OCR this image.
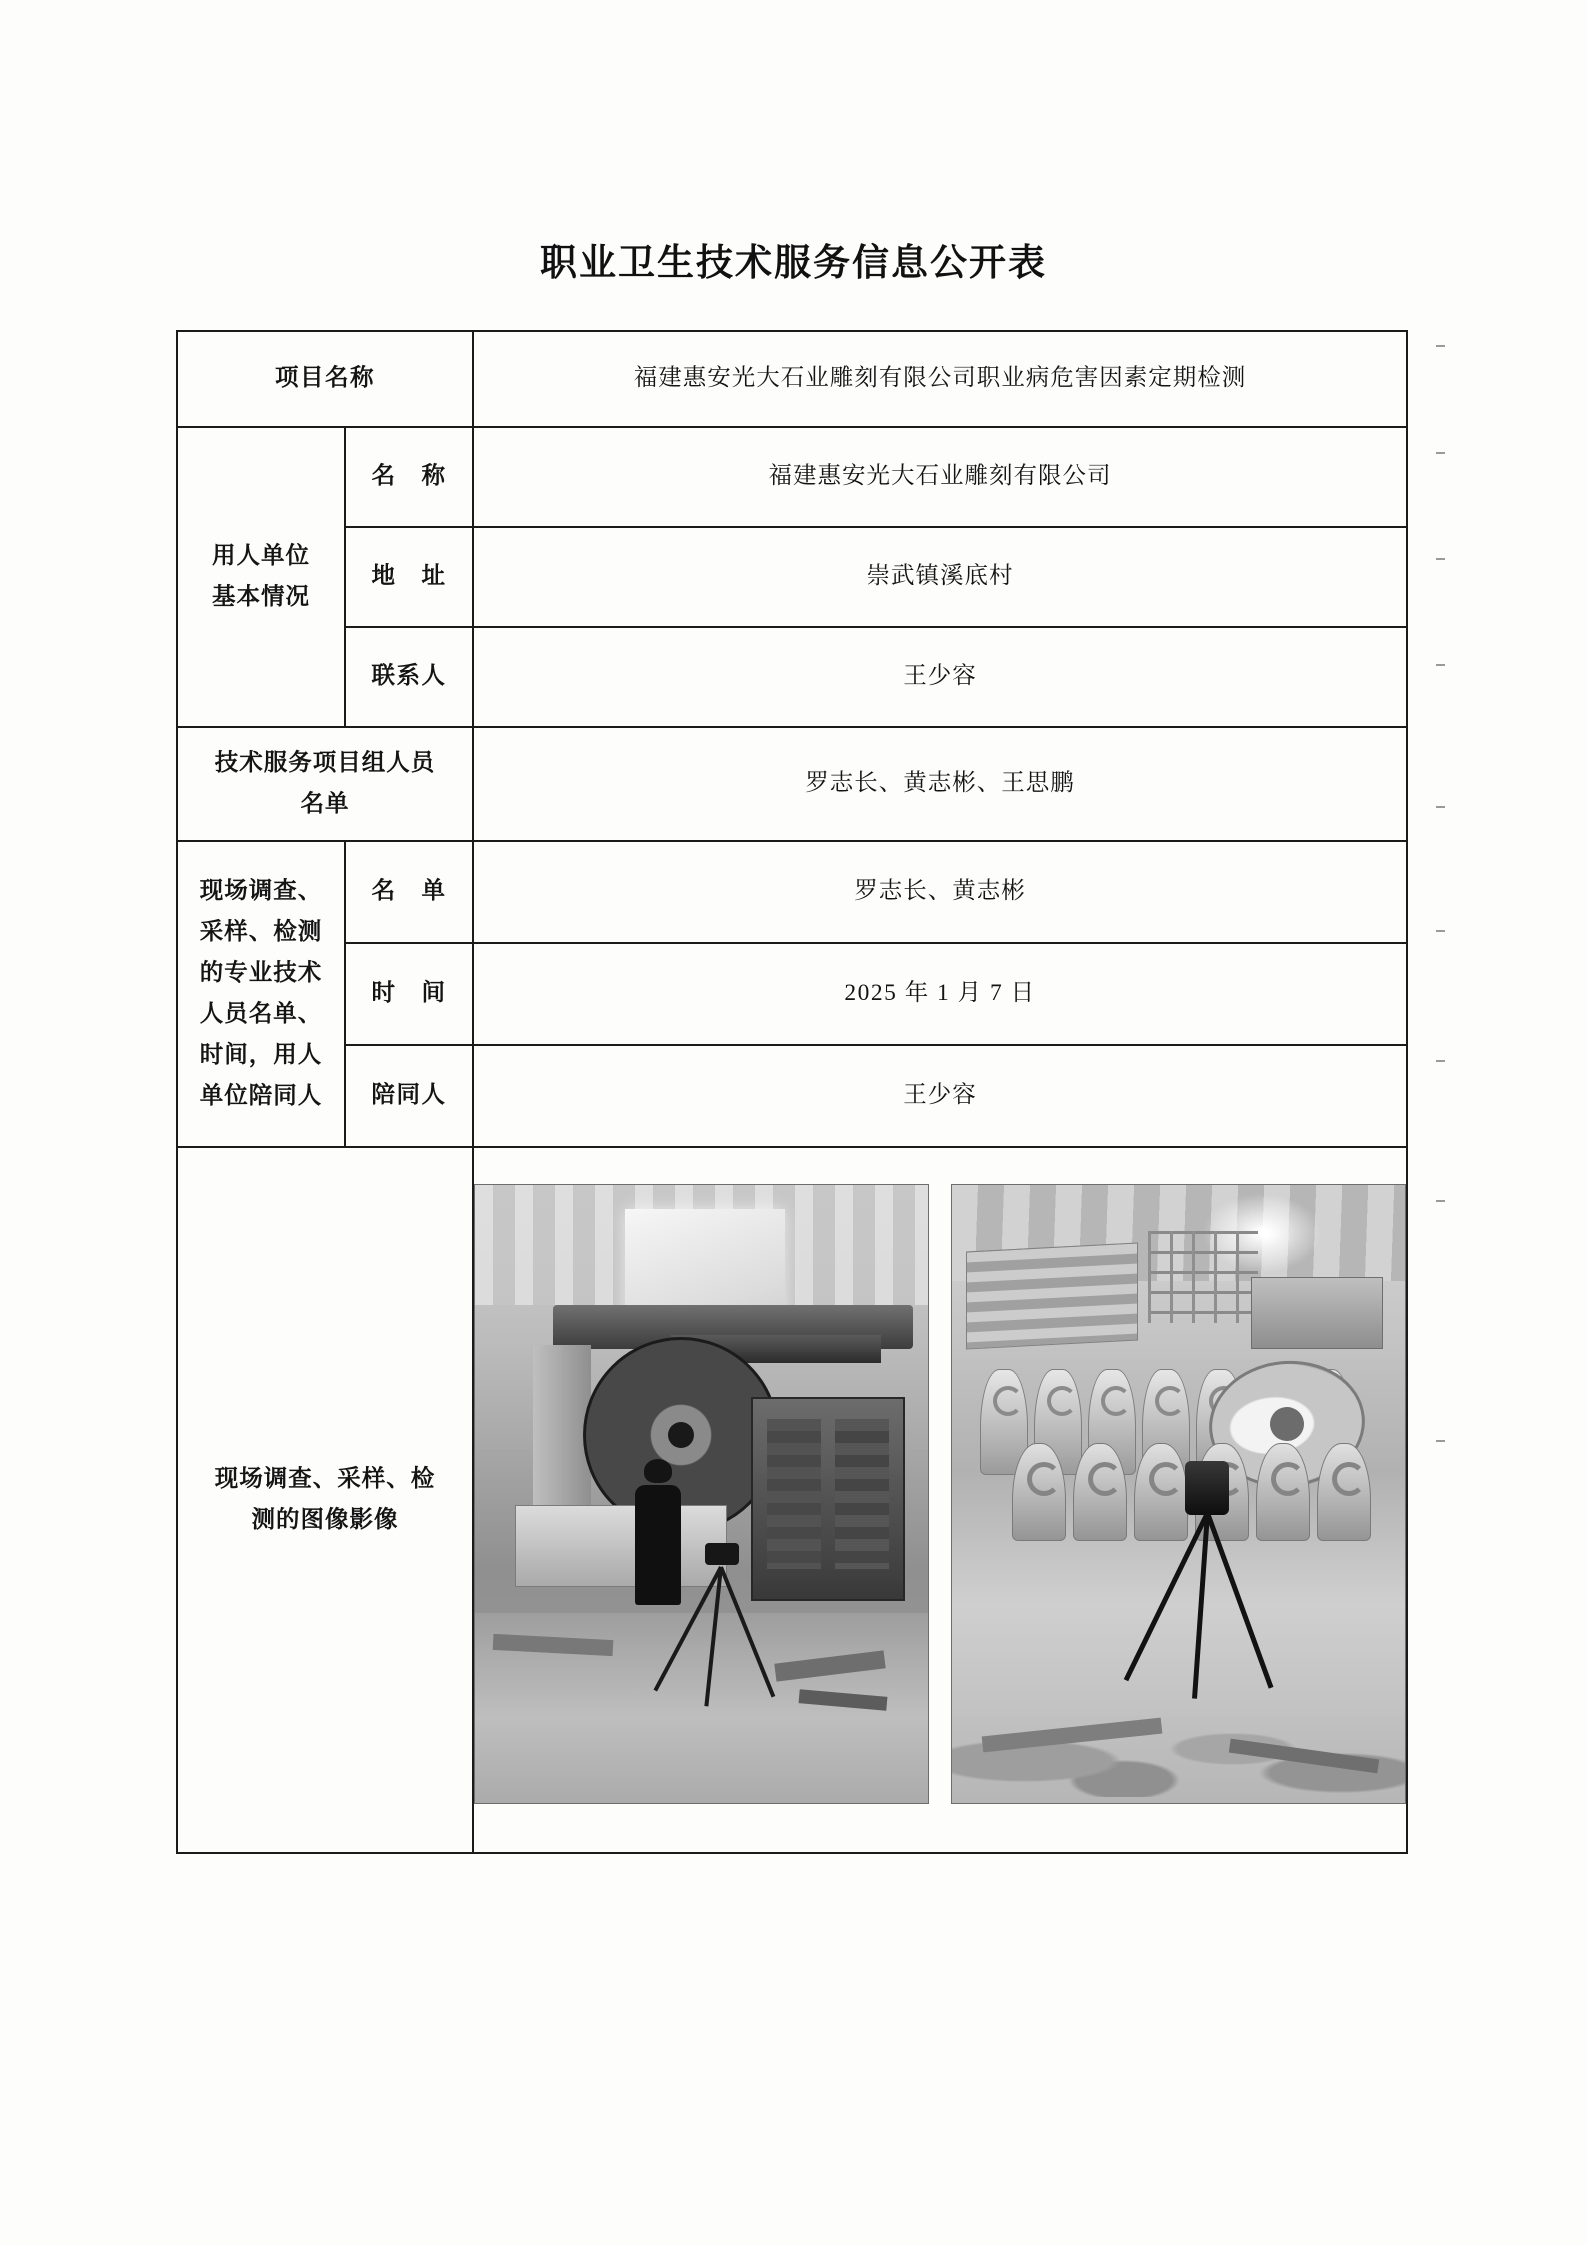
职业卫生技术服务信息公开表
项目名称		福建惠安光大石业雕刻有限公司职业病危害因素定期检测

用人单位
基本情况	名　称	福建惠安光大石业雕刻有限公司
	地　址	崇武镇溪底村
	联系人	王少容

技术服务项目组人员
名单		罗志长、黄志彬、王思鹏

现场调查、
采样、检测
的专业技术
人员名单、
时间，用人
单位陪同人
	名　单	罗志长、黄志彬
	时　间	2025 年 1 月 7 日
	陪同人	王少容

现场调查、采样、检
测的图像影像		
